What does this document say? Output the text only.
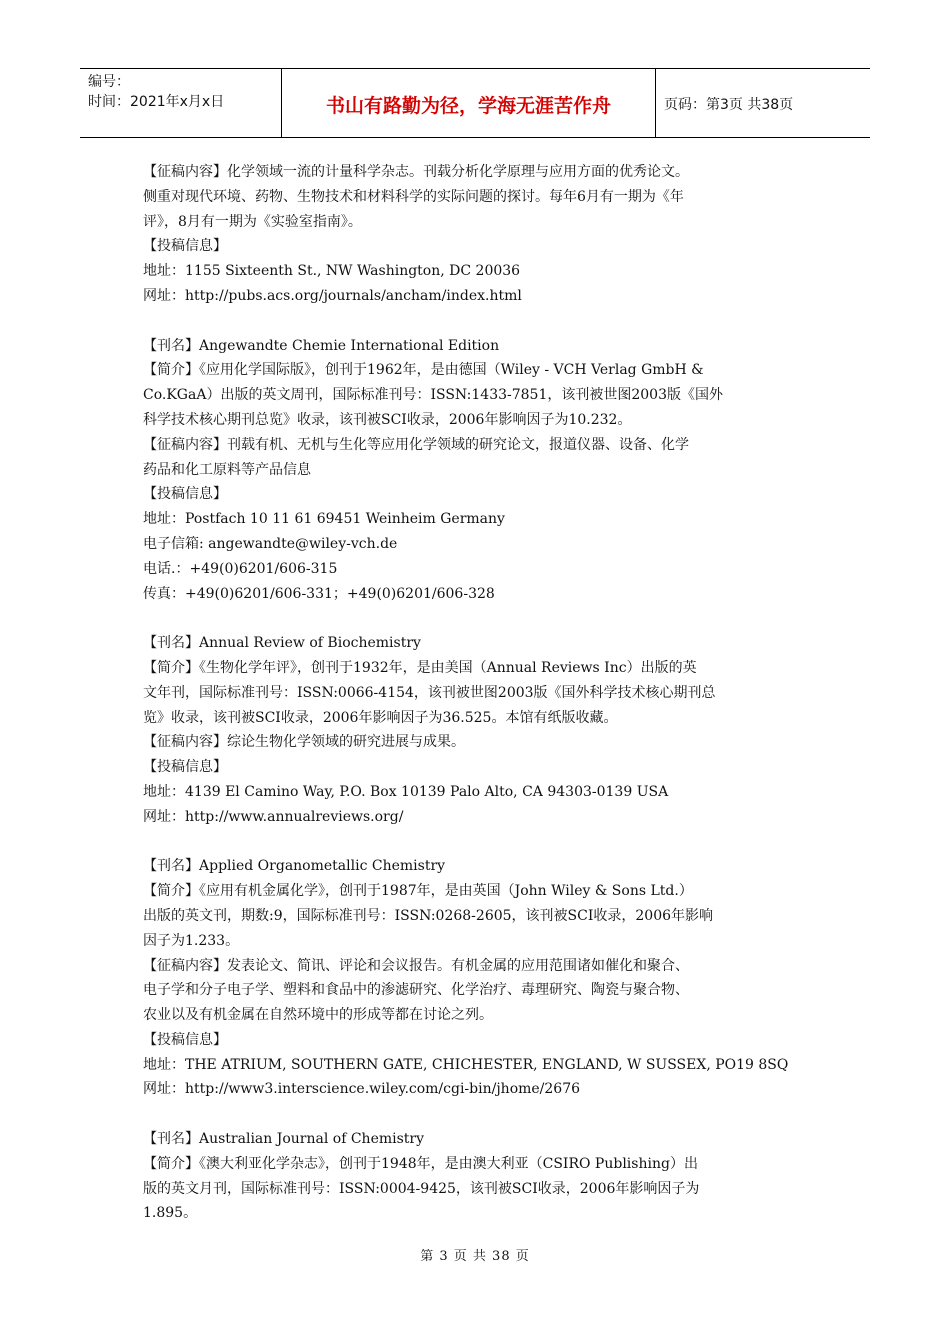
编号：
时间：2021年x月x日	书山有路勤为径，学海无涯苦作舟	页码：第3页 共38页

【征稿内容】化学领域一流的计量科学杂志。刊载分析化学原理与应用方面的优秀论文。

侧重对现代环境、药物、生物技术和材料科学的实际问题的探讨。每年6月有一期为《年

评》，8月有一期为《实验室指南》。

【投稿信息】

地址：1155 Sixteenth St., NW Washington, DC 20036

网址：http://pubs.acs.org/journals/ancham/index.html

【刊名】Angewandte Chemie International Edition

【简介】《应用化学国际版》，创刊于1962年，是由德国（Wiley - VCH Verlag GmbH &

Co.KGaA）出版的英文周刊，国际标准刊号：ISSN:1433-7851，该刊被世图2003版《国外

科学技术核心期刊总览》收录，该刊被SCI收录，2006年影响因子为10.232。

【征稿内容】刊载有机、无机与生化等应用化学领域的研究论文，报道仪器、设备、化学

药品和化工原料等产品信息

【投稿信息】

地址：Postfach 10 11 61 69451 Weinheim Germany

电子信箱: angewandte@wiley-vch.de

电话.：+49(0)6201/606-315

传真：+49(0)6201/606-331；+49(0)6201/606-328

【刊名】Annual Review of Biochemistry

【简介】《生物化学年评》，创刊于1932年，是由美国（Annual Reviews Inc）出版的英

文年刊，国际标准刊号：ISSN:0066-4154，该刊被世图2003版《国外科学技术核心期刊总

览》收录，该刊被SCI收录，2006年影响因子为36.525。本馆有纸版收藏。

【征稿内容】综论生物化学领域的研究进展与成果。

【投稿信息】

地址：4139 El Camino Way, P.O. Box 10139 Palo Alto, CA 94303-0139 USA

网址：http://www.annualreviews.org/

【刊名】Applied Organometallic Chemistry

【简介】《应用有机金属化学》，创刊于1987年，是由英国（John Wiley & Sons Ltd.）

出版的英文刊，期数:9，国际标准刊号：ISSN:0268-2605，该刊被SCI收录，2006年影响

因子为1.233。

【征稿内容】发表论文、简讯、评论和会议报告。有机金属的应用范围诸如催化和聚合、

电子学和分子电子学、塑料和食品中的渗滤研究、化学治疗、毒理研究、陶瓷与聚合物、

农业以及有机金属在自然环境中的形成等都在讨论之列。

【投稿信息】

地址：THE ATRIUM, SOUTHERN GATE, CHICHESTER, ENGLAND, W SUSSEX, PO19 8SQ

网址：http://www3.interscience.wiley.com/cgi-bin/jhome/2676

【刊名】Australian Journal of Chemistry

【简介】《澳大利亚化学杂志》，创刊于1948年，是由澳大利亚（CSIRO Publishing）出

版的英文月刊，国际标准刊号：ISSN:0004-9425，该刊被SCI收录，2006年影响因子为

1.895。

第 3 页 共 38 页
